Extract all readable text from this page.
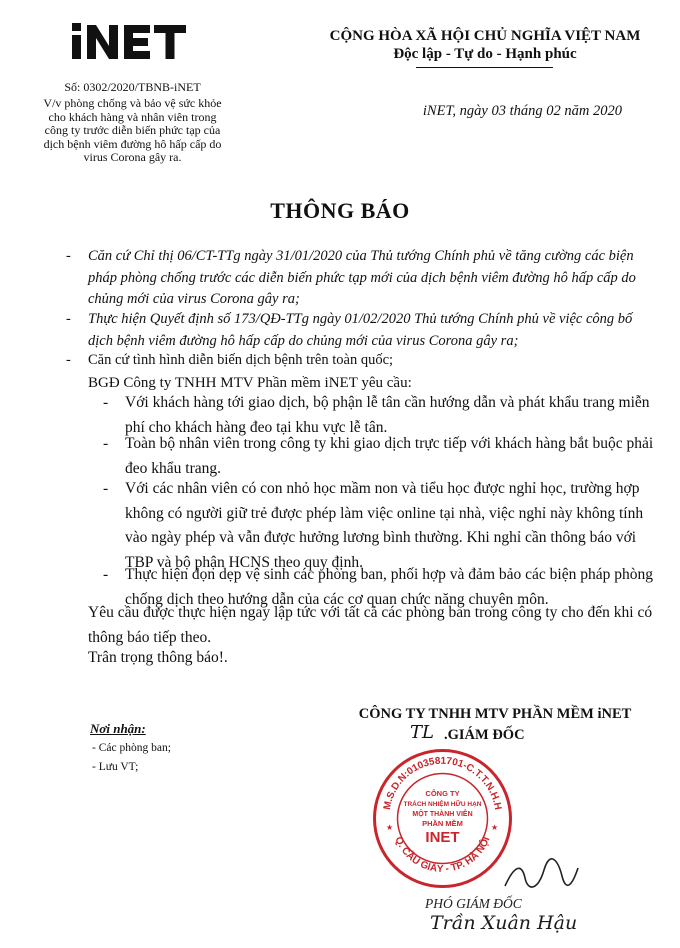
CỘNG HÒA XÃ HỘI CHỦ NGHĨA VIỆT NAM
Độc lập - Tự do - Hạnh phúc
Số: 0302/2020/TBNB-iNET
V/v phòng chống và bảo vệ sức khỏe
cho khách hàng và nhân viên trong
công ty trước diễn biến phức tạp của
dịch bệnh viêm đường hô hấp cấp do
virus Corona gây ra.
iNET, ngày 03 tháng 02 năm 2020
THÔNG BÁO
- Căn cứ Chỉ thị 06/CT-TTg ngày 31/01/2020 của Thủ tướng Chính phủ về tăng cường các biện
pháp phòng chống trước các diễn biến phức tạp mới của dịch bệnh viêm đường hô hấp cấp do
chủng mới của virus Corona gây ra;
- Thực hiện Quyết định số 173/QĐ-TTg ngày 01/02/2020 Thủ tướng Chính phủ về việc công bố
dịch bệnh viêm đường hô hấp cấp do chủng mới của virus Corona gây ra;
- Căn cứ tình hình diễn biến dịch bệnh trên toàn quốc;
BGĐ Công ty TNHH MTV Phần mềm iNET yêu cầu:
- Với khách hàng tới giao dịch, bộ phận lễ tân cần hướng dẫn và phát khẩu trang miễn
phí cho khách hàng đeo tại khu vực lễ tân.
- Toàn bộ nhân viên trong công ty khi giao dịch trực tiếp với khách hàng bắt buộc phải
đeo khẩu trang.
- Với các nhân viên có con nhỏ học mầm non và tiểu học được nghỉ học, trường hợp
không có người giữ trẻ được phép làm việc online tại nhà, việc nghỉ này không tính
vào ngày phép và vẫn được hưởng lương bình thường. Khi nghỉ cần thông báo với
TBP và bộ phận HCNS theo quy định.
- Thực hiện dọn dẹp vệ sinh các phòng ban, phối hợp và đảm bảo các biện pháp phòng
chống dịch theo hướng dẫn của các cơ quan chức năng chuyên môn.
Yêu cầu được thực hiện ngay lập tức với tất cả các phòng ban trong công ty cho đến khi có
thông báo tiếp theo.
Trân trọng thông báo!.
Nơi nhận:
- Các phòng ban;
- Lưu VT;
CÔNG TY TNHH MTV PHẦN MỀM iNET
TL .GIÁM ĐỐC
M.S.D.N:0103581701-C.T.T.N.H.H
Q. CẦU GIẤY - TP. HÀ NỘI
CÔNG TY
TRÁCH NHIỆM HỮU HẠN
MỘT THÀNH VIÊN
PHẦN MỀM
INET
★	★
PHÓ GIÁM ĐỐC
Trần Xuân Hậu
